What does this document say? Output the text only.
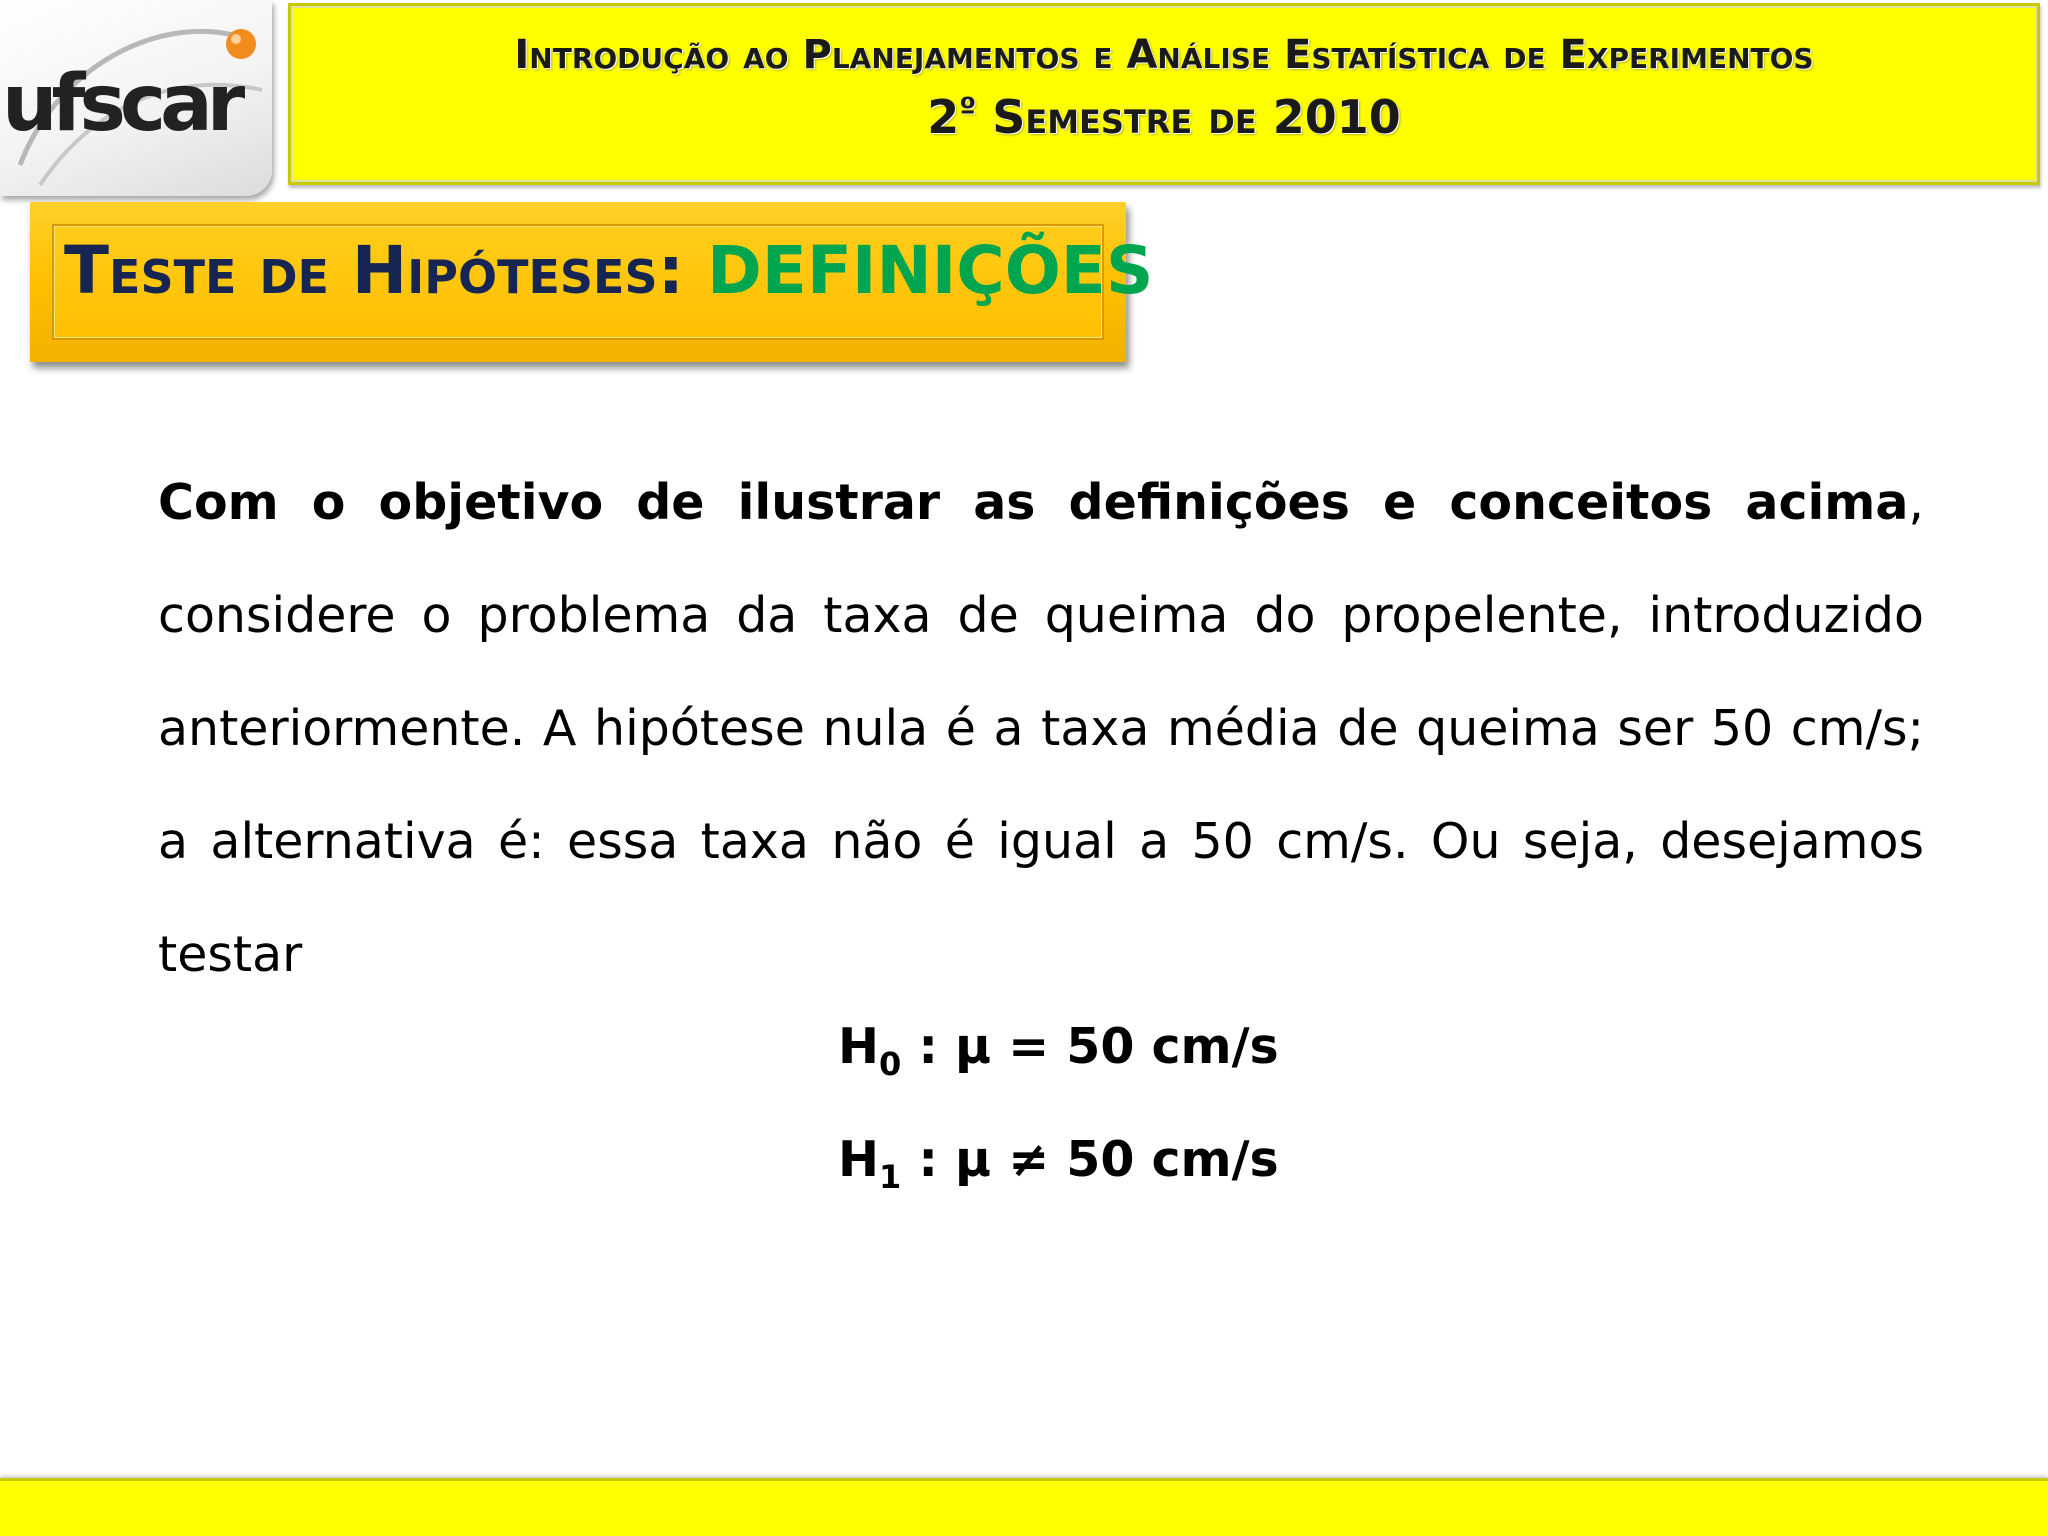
ufscar
Introdução ao Planejamentos e Análise Estatística de Experimentos
$2^º$ Semestre de 2010
Teste de Hipóteses: DEFINIÇÕES
Com o objetivo de ilustrar as definições e conceitos acima, considere o problema da taxa de queima do propelente, introduzido anteriormente. A hipótese nula é a taxa média de queima ser 50 cm/s; a alternativa é: essa taxa não é igual a 50 cm/s. Ou seja, desejamos testar
$H_0$ : μ = 50 cm/s
$H_1$ : μ ≠ 50 cm/s
